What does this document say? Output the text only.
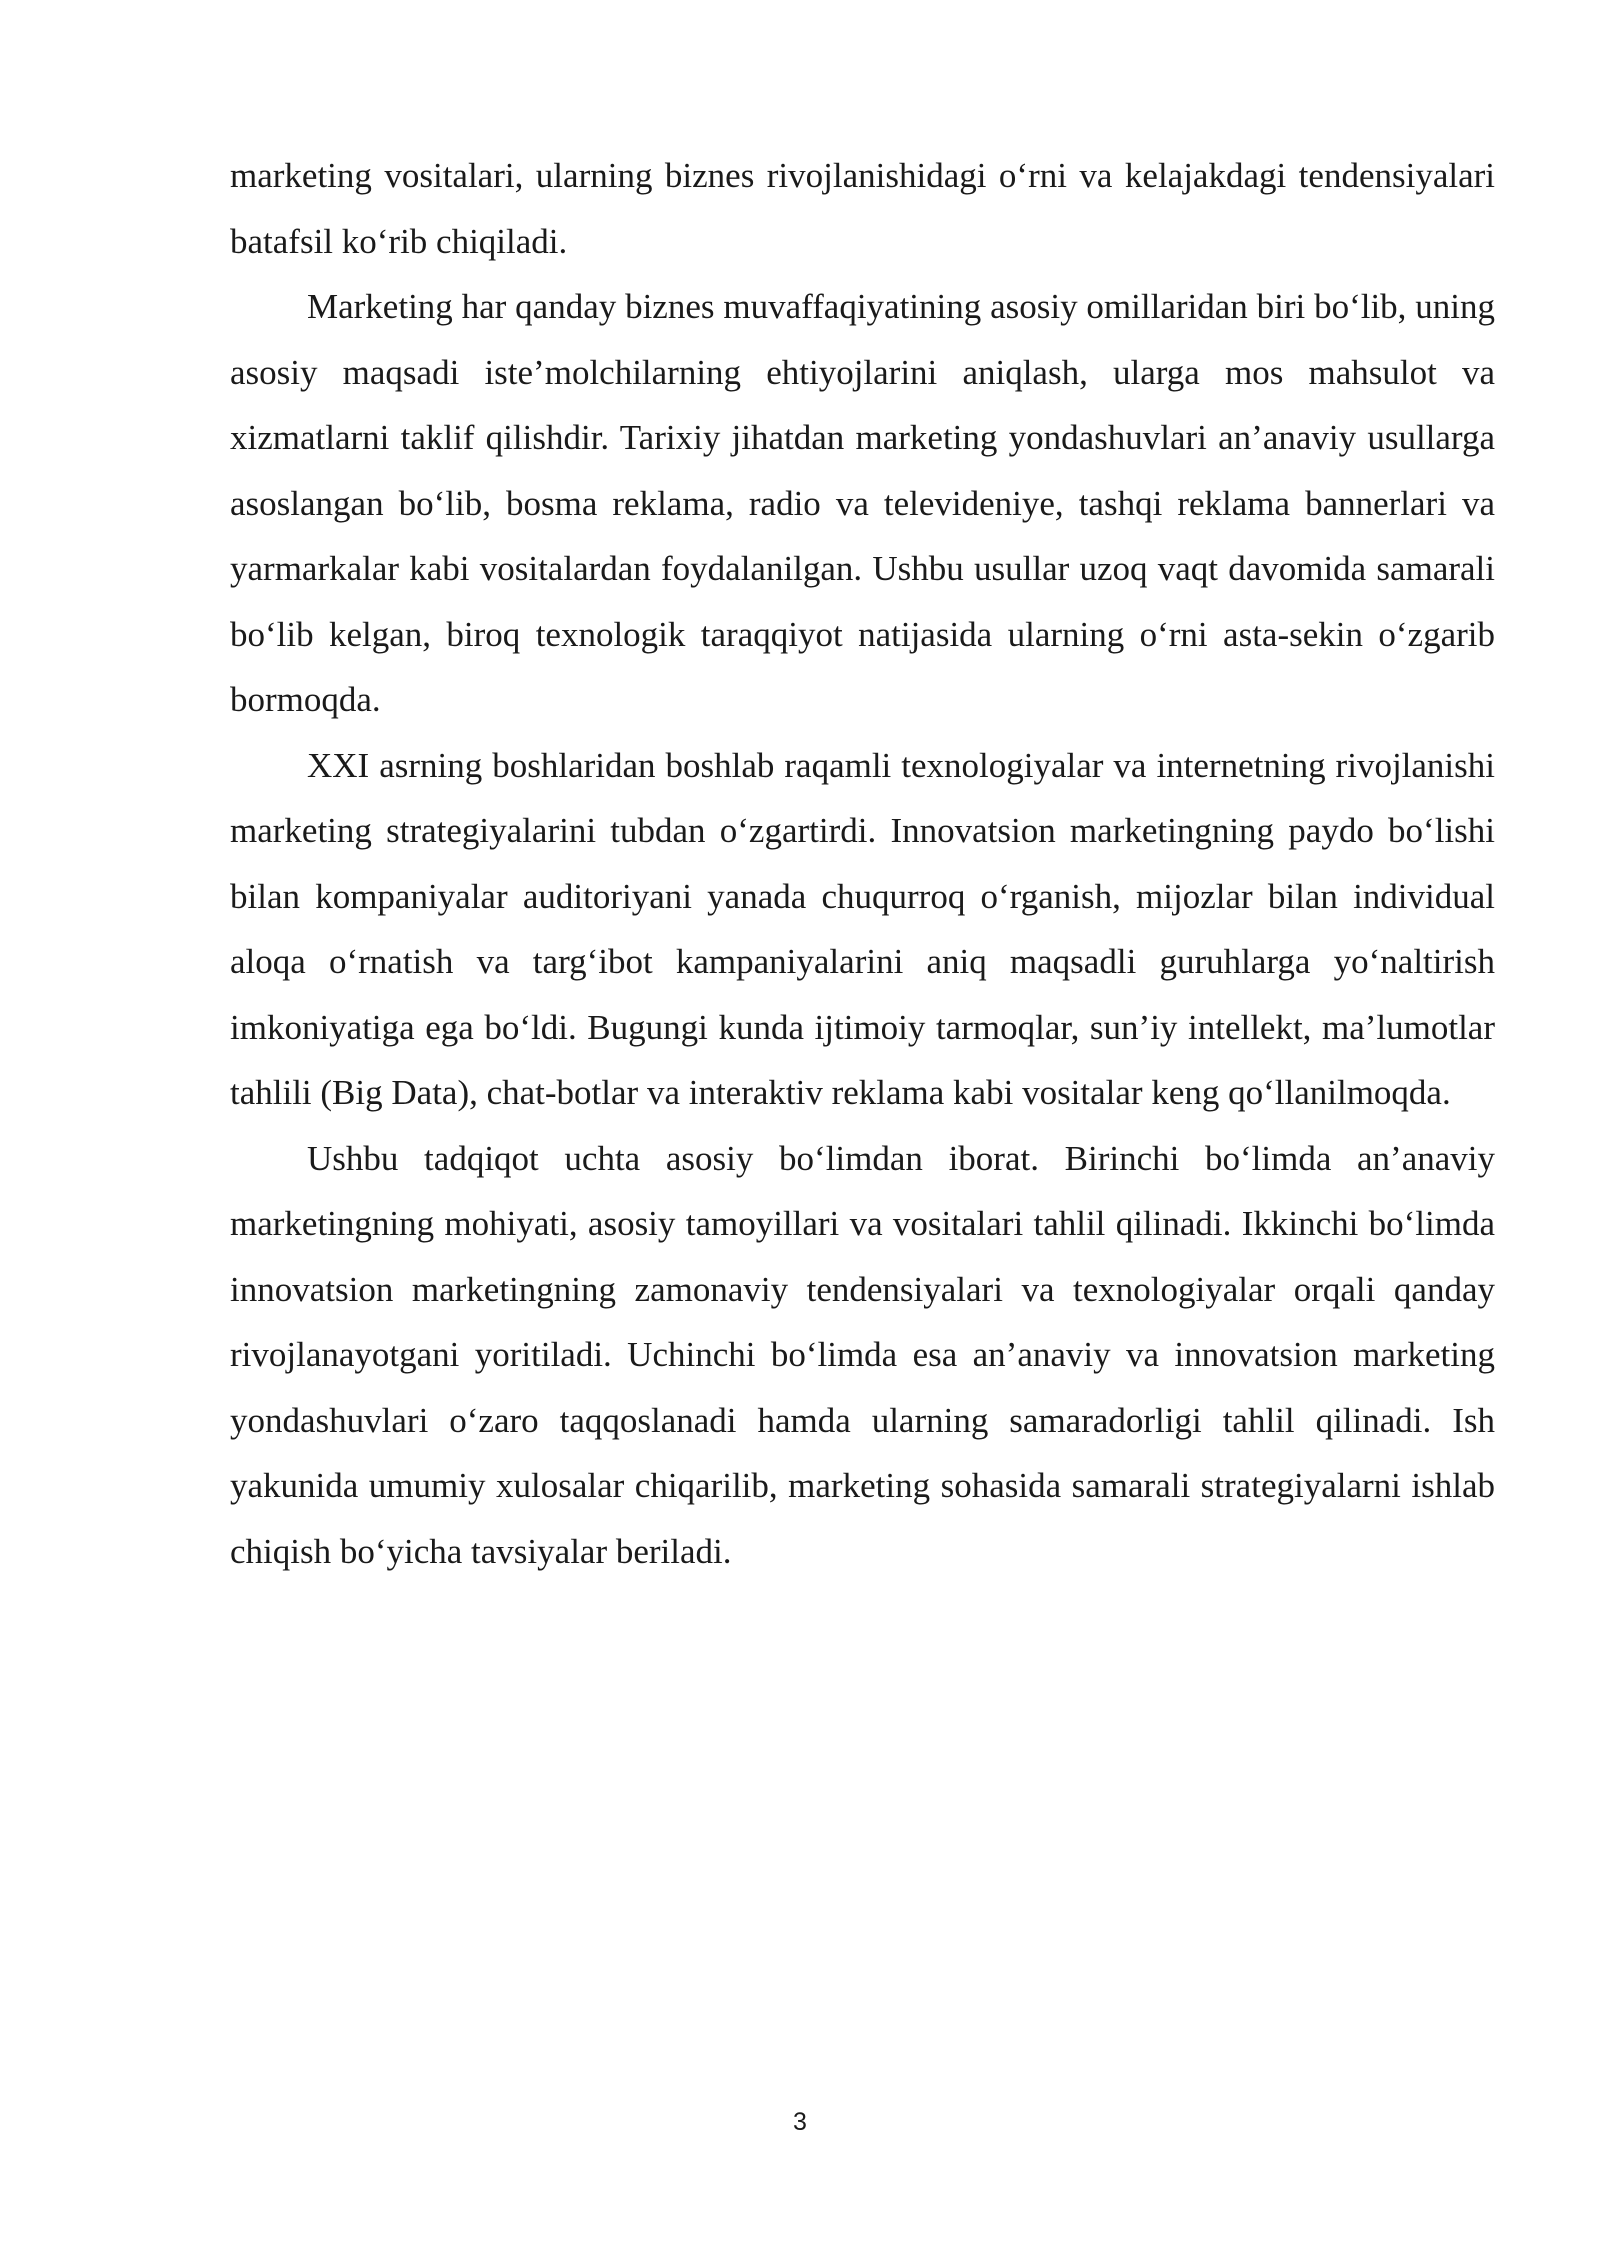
marketing vositalari, ularning biznes rivojlanishidagi o‘rni va kelajakdagi tendensiyalari batafsil ko‘rib chiqiladi.

Marketing har qanday biznes muvaffaqiyatining asosiy omillaridan biri bo‘lib, uning asosiy maqsadi iste’molchilarning ehtiyojlarini aniqlash, ularga mos mahsulot va xizmatlarni taklif qilishdir. Tarixiy jihatdan marketing yondashuvlari an’anaviy usullarga asoslangan bo‘lib, bosma reklama, radio va televideniye, tashqi reklama bannerlari va yarmarkalar kabi vositalardan foydalanilgan. Ushbu usullar uzoq vaqt davomida samarali bo‘lib kelgan, biroq texnologik taraqqiyot natijasida ularning o‘rni asta-sekin o‘zgarib bormoqda.

XXI asrning boshlaridan boshlab raqamli texnologiyalar va internetning rivojlanishi marketing strategiyalarini tubdan o‘zgartirdi. Innovatsion marketingning paydo bo‘lishi bilan kompaniyalar auditoriyani yanada chuqurroq o‘rganish, mijozlar bilan individual aloqa o‘rnatish va targ‘ibot kampaniyalarini aniq maqsadli guruhlarga yo‘naltirish imkoniyatiga ega bo‘ldi. Bugungi kunda ijtimoiy tarmoqlar, sun’iy intellekt, ma’lumotlar tahlili (Big Data), chat-botlar va interaktiv reklama kabi vositalar keng qo‘llanilmoqda.

Ushbu tadqiqot uchta asosiy bo‘limdan iborat. Birinchi bo‘limda an’anaviy marketingning mohiyati, asosiy tamoyillari va vositalari tahlil qilinadi. Ikkinchi bo‘limda innovatsion marketingning zamonaviy tendensiyalari va texnologiyalar orqali qanday rivojlanayotgani yoritiladi. Uchinchi bo‘limda esa an’anaviy va innovatsion marketing yondashuvlari o‘zaro taqqoslanadi hamda ularning samaradorligi tahlil qilinadi. Ish yakunida umumiy xulosalar chiqarilib, marketing sohasida samarali strategiyalarni ishlab chiqish bo‘yicha tavsiyalar beriladi.

3
